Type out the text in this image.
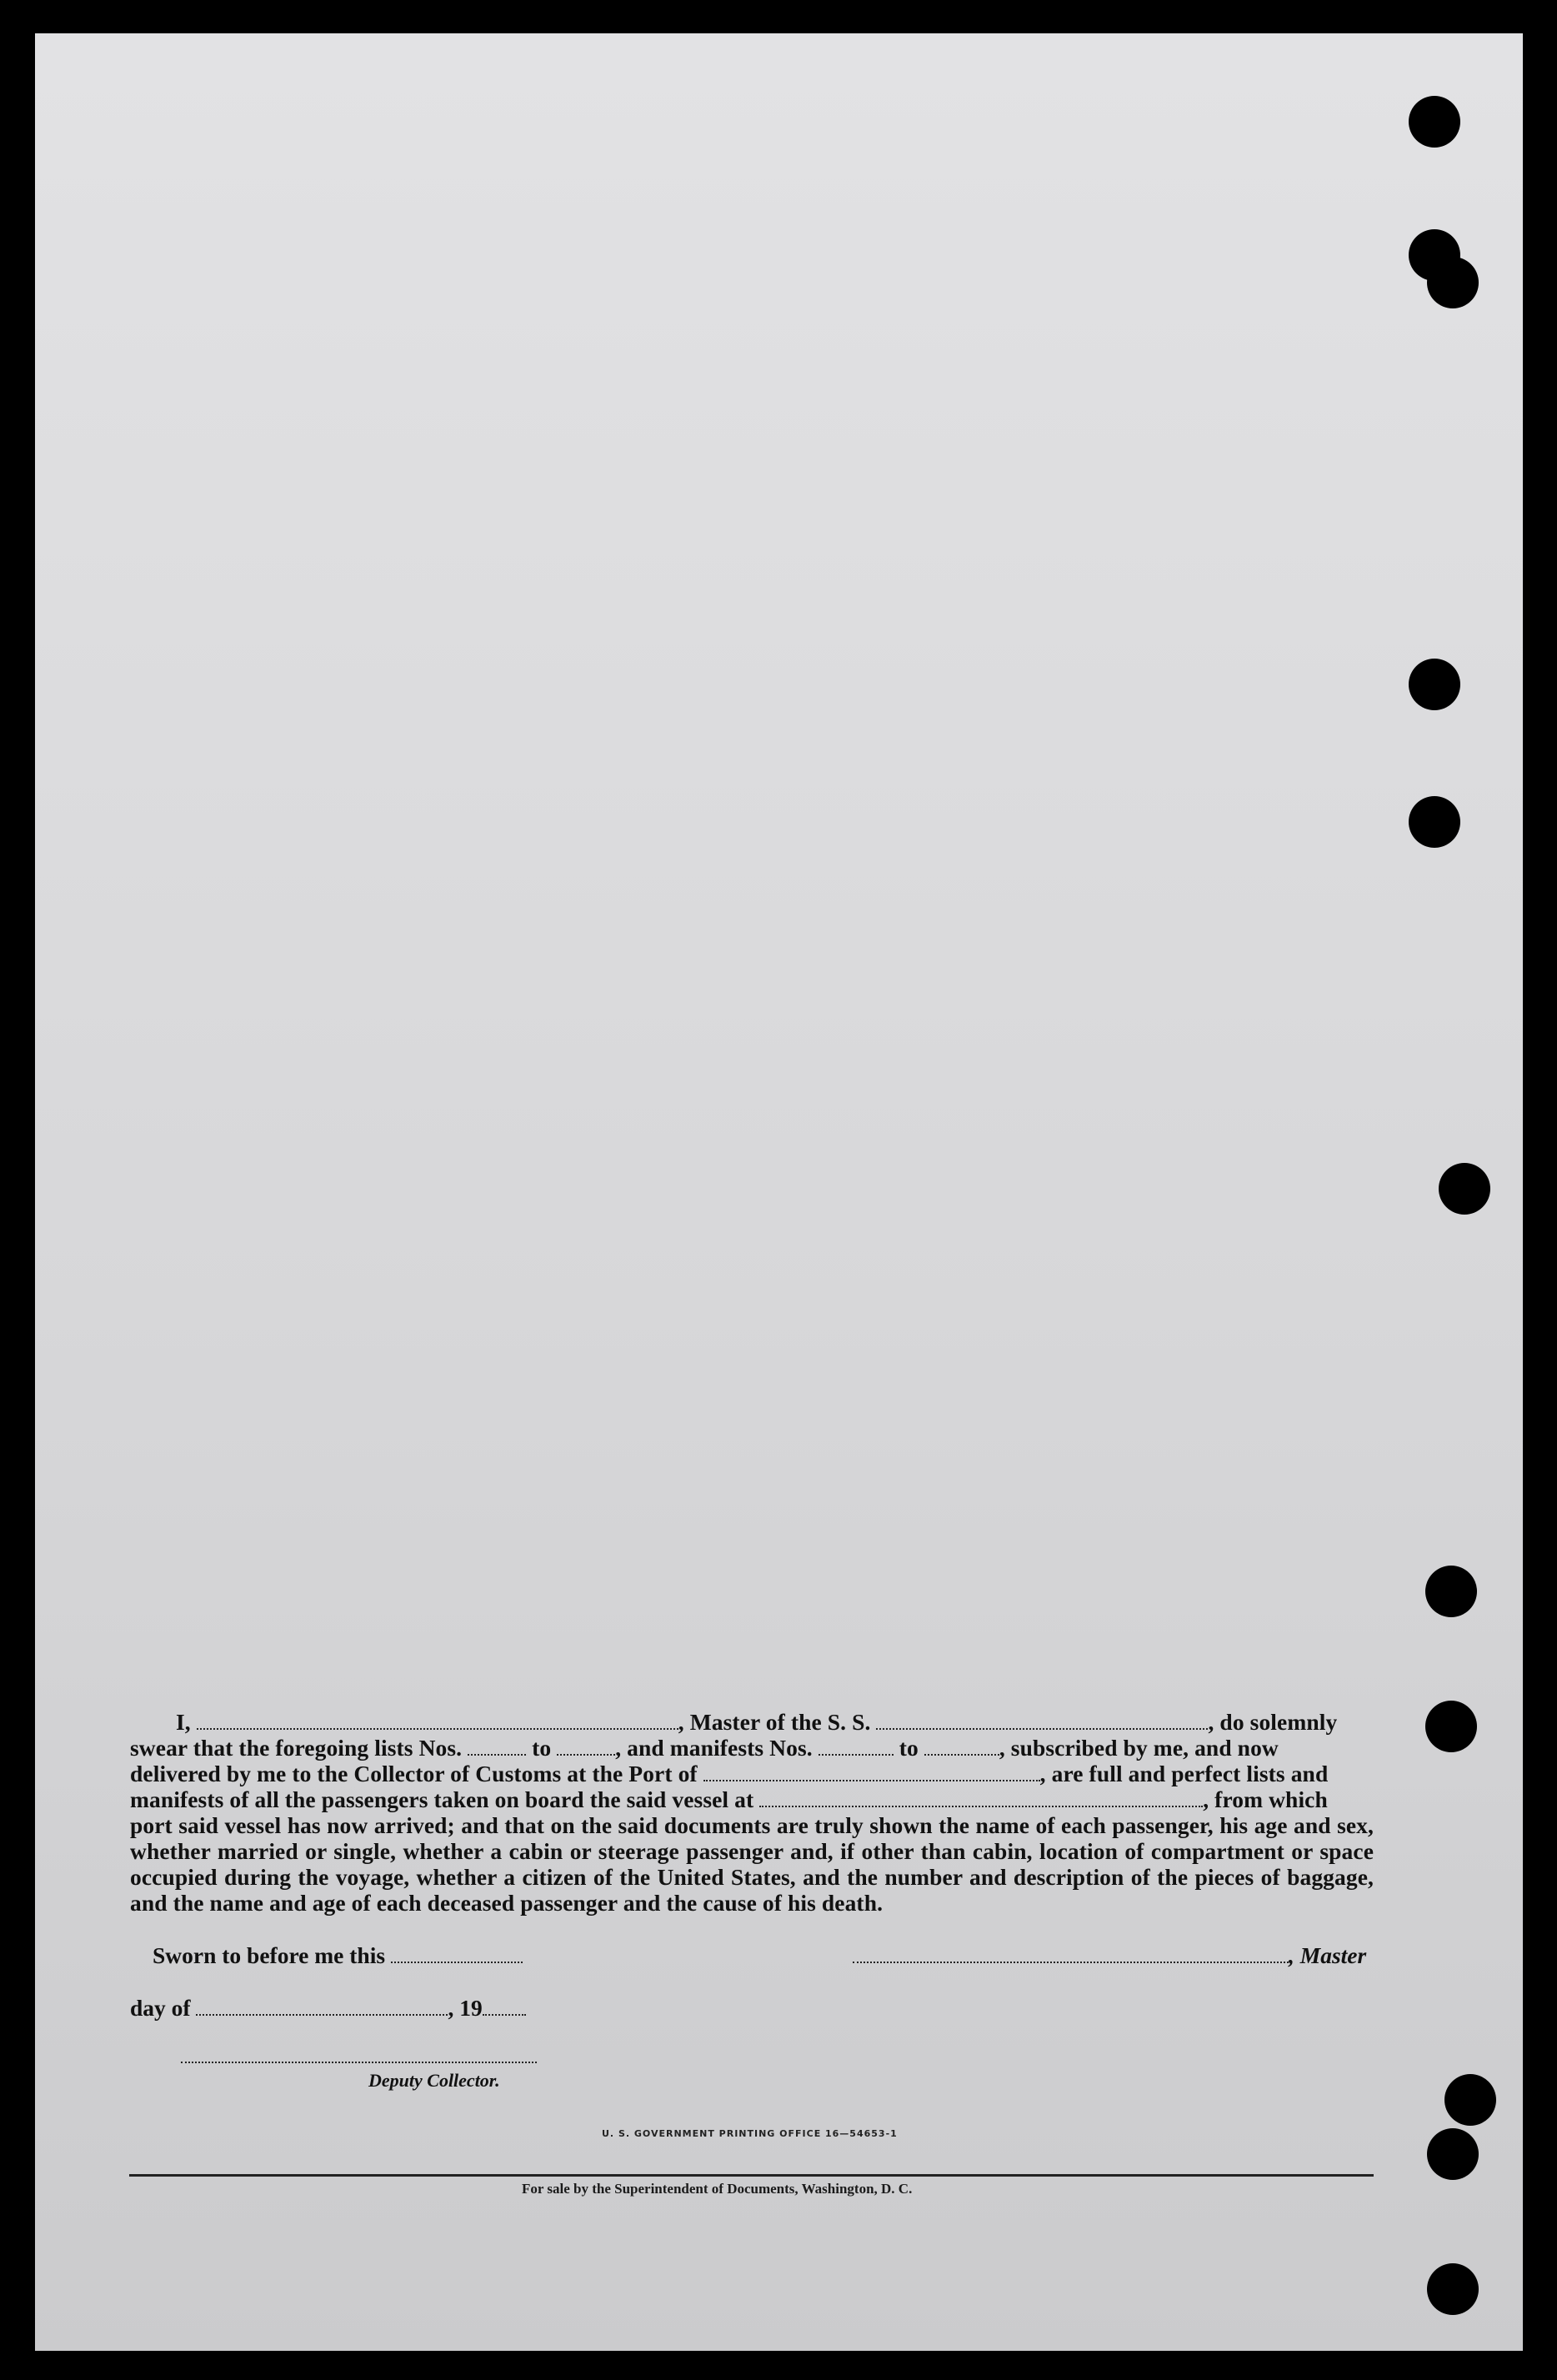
I,	, Master of the S. S.	, do solemnly

swear that the foregoing lists Nos.	to	, and manifests Nos.	to	, subscribed by me, and now

delivered by me to the Collector of Customs at the Port of	, are full and perfect lists and

manifests of all the passengers taken on board the said vessel at	, from which

port said vessel has now arrived; and that on the said documents are truly shown the name of each passenger, his age and sex, whether married or single, whether a cabin or steerage passenger and, if other than cabin, location of compartment or space occupied during the voyage, whether a citizen of the United States, and the number and description of the pieces of baggage, and the name and age of each deceased passenger and the cause of his death.

Sworn to before me this	, Master
day of	, 19
Deputy Collector.
U. S. GOVERNMENT PRINTING OFFICE 16—54653-1
For sale by the Superintendent of Documents, Washington, D. C.
